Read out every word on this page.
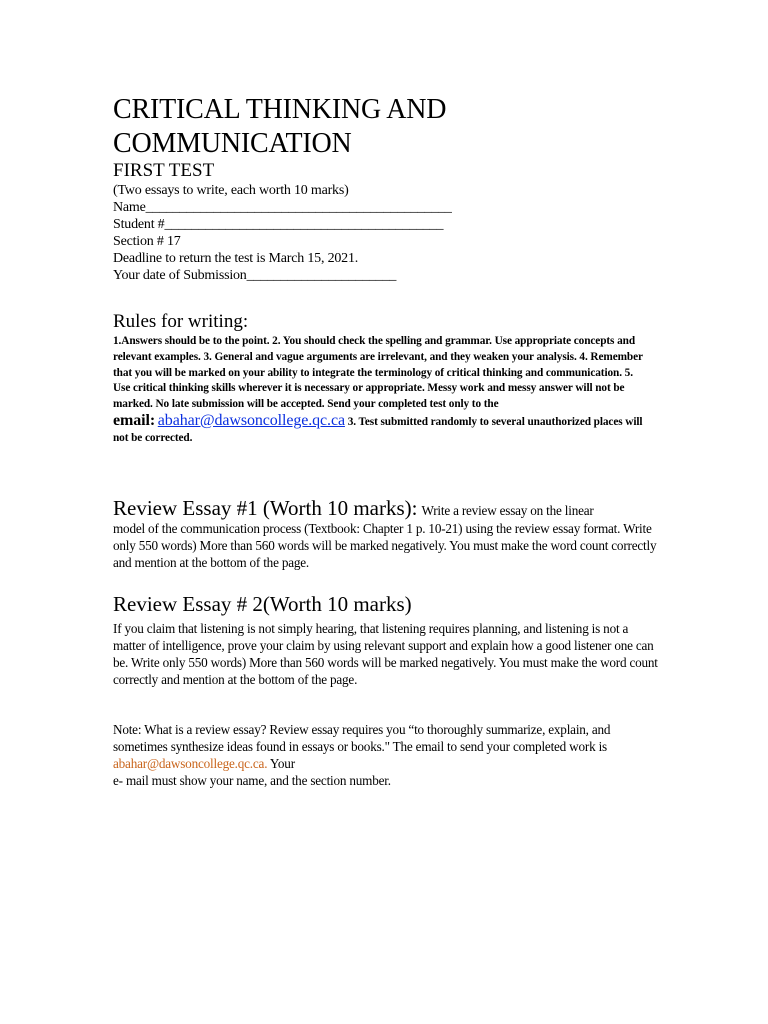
CRITICAL THINKING AND
COMMUNICATION
FIRST TEST
(Two essays to write, each worth 10 marks)
Name_____________________________________________
Student #_________________________________________
Section # 17
Deadline to return the test is March 15, 2021.
Your date of Submission______________________
Rules for writing:
1.Answers should be to the point. 2. You should check the spelling and grammar. Use appropriate concepts and relevant examples. 3. General and vague arguments are irrelevant, and they weaken your analysis. 4. Remember that you will be marked on your ability to integrate the terminology of critical thinking and communication. 5. Use critical thinking skills wherever it is necessary or appropriate. Messy work and messy answer will not be marked. No late submission will be accepted. Send your completed test only to the
email: abahar@dawsoncollege.qc.ca 3. Test submitted randomly to several unauthorized places will not be corrected.
Review Essay #1 (Worth 10 marks): Write a review essay on the linear
model of the communication process (Textbook: Chapter 1 p. 10-21) using the review essay format. Write only 550 words) More than 560 words will be marked negatively. You must make the word count correctly and mention at the bottom of the page.
Review Essay # 2(Worth 10 marks)
If you claim that listening is not simply hearing, that listening requires planning, and listening is not a matter of intelligence, prove your claim by using relevant support and explain how a good listener one can be. Write only 550 words) More than 560 words will be marked negatively. You must make the word count correctly and mention at the bottom of the page.
Note: What is a review essay? Review essay requires you “to thoroughly summarize, explain, and sometimes synthesize ideas found in essays or books." The email to send your completed work is abahar@dawsoncollege.qc.ca. Your
e- mail must show your name, and the section number.
